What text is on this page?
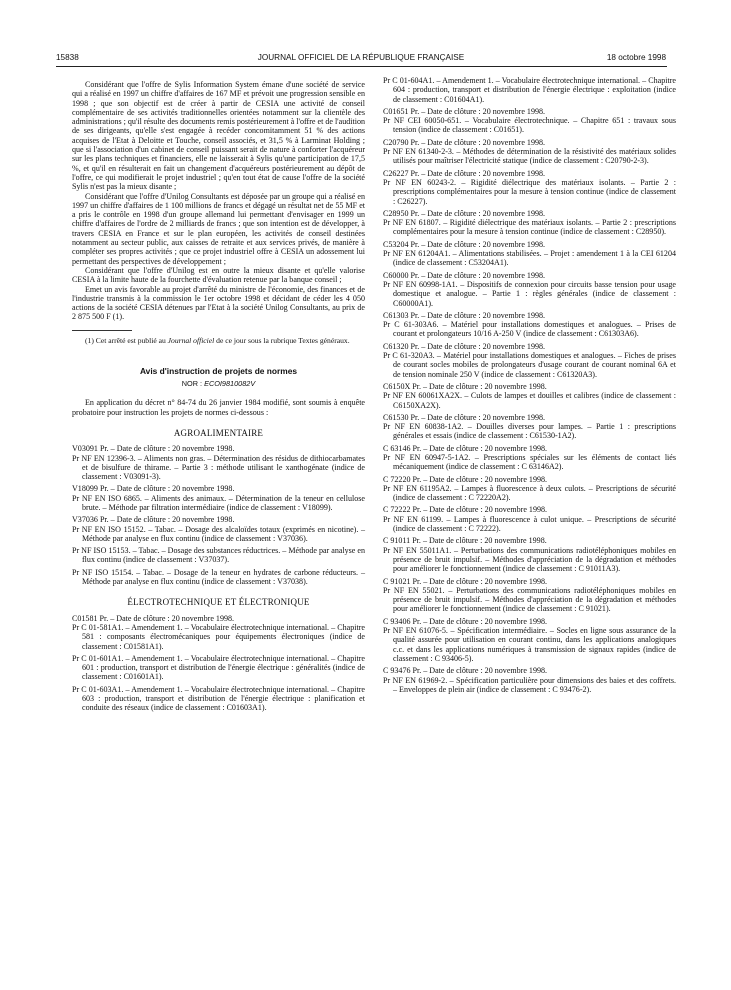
15838	JOURNAL OFFICIEL DE LA RÉPUBLIQUE FRANÇAISE	18 octobre 1998

Considérant que l'offre de Sylis Information System émane d'une société de service qui a réalisé en 1997 un chiffre d'affaires de 167 MF et prévoit une progression sensible en 1998 ; que son objectif est de créer à partir de CESIA une activité de conseil complémentaire de ses activités traditionnelles orientées notamment sur la clientèle des administrations ; qu'il résulte des documents remis postérieurement à l'offre et de l'audition de ses dirigeants, qu'elle s'est engagée à recéder concomitamment 51 % des actions acquises de l'Etat à Deloitte et Touche, conseil associés, et 31,5 % à Larminat Holding ; que si l'association d'un cabinet de conseil puissant serait de nature à conforter l'acquéreur sur les plans techniques et financiers, elle ne laisserait à Sylis qu'une participation de 17,5 %, et qu'il en résulterait en fait un changement d'acquéreurs postérieurement au dépôt de l'offre, ce qui modifierait le projet industriel ; qu'en tout état de cause l'offre de la société Sylis n'est pas la mieux disante ;

Considérant que l'offre d'Unilog Consultants est déposée par un groupe qui a réalisé en 1997 un chiffre d'affaires de 1 100 millions de francs et dégagé un résultat net de 55 MF et a pris le contrôle en 1998 d'un groupe allemand lui permettant d'envisager en 1999 un chiffre d'affaires de l'ordre de 2 milliards de francs ; que son intention est de développer, à travers CESIA en France et sur le plan européen, les activités de conseil destinées notamment au secteur public, aux caisses de retraite et aux services privés, de manière à compléter ses propres activités ; que ce projet industriel offre à CESIA un adossement lui permettant des perspectives de développement ;

Considérant que l'offre d'Unilog est en outre la mieux disante et qu'elle valorise CESIA à la limite haute de la fourchette d'évaluation retenue par la banque conseil ;

Emet un avis favorable au projet d'arrêté du ministre de l'économie, des finances et de l'industrie transmis à la commission le 1er octobre 1998 et décidant de céder les 4 050 actions de la société CESIA détenues par l'Etat à la société Unilog Consultants, au prix de 2 875 500 F (1).

(1) Cet arrêté est publié au Journal officiel de ce jour sous la rubrique Textes généraux.

Avis d'instruction de projets de normes
NOR : ECOI9810082V

En application du décret n° 84-74 du 26 janvier 1984 modifié, sont soumis à enquête probatoire pour instruction les projets de normes ci-dessous :

AGROALIMENTAIRE
V03091 Pr. – Date de clôture : 20 novembre 1998.
Pr NF EN 12396-3. – Aliments non gras. – Détermination des résidus de dithiocarbamates et de bisulfure de thirame. – Partie 3 : méthode utilisant le xanthogénate (indice de classement : V03091-3).
V18099 Pr. – Date de clôture : 20 novembre 1998.
Pr NF EN ISO 6865. – Aliments des animaux. – Détermination de la teneur en cellulose brute. – Méthode par filtration intermédiaire (indice de classement : V18099).
V37036 Pr. – Date de clôture : 20 novembre 1998.
Pr NF EN ISO 15152. – Tabac. – Dosage des alcaloïdes totaux (exprimés en nicotine). – Méthode par analyse en flux continu (indice de classement : V37036).
Pr NF ISO 15153. – Tabac. – Dosage des substances réductrices. – Méthode par analyse en flux continu (indice de classement : V37037).
Pr NF ISO 15154. – Tabac. – Dosage de la teneur en hydrates de carbone réducteurs. – Méthode par analyse en flux continu (indice de classement : V37038).
ÉLECTROTECHNIQUE ET ÉLECTRONIQUE
C01581 Pr. – Date de clôture : 20 novembre 1998.
Pr C 01-581A1. – Amendement 1. – Vocabulaire électrotechnique international. – Chapitre 581 : composants électromécaniques pour équipements électroniques (indice de classement : C01581A1).
Pr C 01-601A1. – Amendement 1. – Vocabulaire électrotechnique international. – Chapitre 601 : production, transport et distribution de l'énergie électrique : généralités (indice de classement : C01601A1).
Pr C 01-603A1. – Amendement 1. – Vocabulaire électrotechnique international. – Chapitre 603 : production, transport et distribution de l'énergie électrique : planification et conduite des réseaux (indice de classement : C01603A1).
Pr C 01-604A1. – Amendement 1. – Vocabulaire électrotechnique international. – Chapitre 604 : production, transport et distribution de l'énergie électrique : exploitation (indice de classement : C01604A1).
C01651 Pr. – Date de clôture : 20 novembre 1998.
Pr NF CEI 60050-651. – Vocabulaire électrotechnique. – Chapitre 651 : travaux sous tension (indice de classement : C01651).
C20790 Pr. – Date de clôture : 20 novembre 1998.
Pr NF EN 61340-2-3. – Méthodes de détermination de la résistivité des matériaux solides utilisés pour maîtriser l'électricité statique (indice de classement : C20790-2-3).
C26227 Pr. – Date de clôture : 20 novembre 1998.
Pr NF EN 60243-2. – Rigidité diélectrique des matériaux isolants. – Partie 2 : prescriptions complémentaires pour la mesure à tension continue (indice de classement : C26227).
C28950 Pr. – Date de clôture : 20 novembre 1998.
Pr NF EN 61807. – Rigidité diélectrique des matériaux isolants. – Partie 2 : prescriptions complémentaires pour la mesure à tension continue (indice de classement : C28950).
C53204 Pr. – Date de clôture : 20 novembre 1998.
Pr NF EN 61204A1. – Alimentations stabilisées. – Projet : amendement 1 à la CEI 61204 (indice de classement : C53204A1).
C60000 Pr. – Date de clôture : 20 novembre 1998.
Pr NF EN 60998-1A1. – Dispositifs de connexion pour circuits basse tension pour usage domestique et analogue. – Partie 1 : règles générales (indice de classement : C60000A1).
C61303 Pr. – Date de clôture : 20 novembre 1998.
Pr C 61-303A6. – Matériel pour installations domestiques et analogues. – Prises de courant et prolongateurs 10/16 A-250 V (indice de classement : C61303A6).
C61320 Pr. – Date de clôture : 20 novembre 1998.
Pr C 61-320A3. – Matériel pour installations domestiques et analogues. – Fiches de prises de courant socles mobiles de prolongateurs d'usage courant de courant nominal 6A et de tension nominale 250 V (indice de classement : C61320A3).
C6150X Pr. – Date de clôture : 20 novembre 1998.
Pr NF EN 60061XA2X. – Culots de lampes et douilles et calibres (indice de classement : C6150XA2X).
C61530 Pr. – Date de clôture : 20 novembre 1998.
Pr NF EN 60838-1A2. – Douilles diverses pour lampes. – Partie 1 : prescriptions générales et essais (indice de classement : C61530-1A2).
C 63146 Pr. – Date de clôture : 20 novembre 1998.
Pr NF EN 60947-5-1A2. – Prescriptions spéciales sur les éléments de contact liés mécaniquement (indice de classement : C 63146A2).
C 72220 Pr. – Date de clôture : 20 novembre 1998.
Pr NF EN 61195A2. – Lampes à fluorescence à deux culots. – Prescriptions de sécurité (indice de classement : C 72220A2).
C 72222 Pr. – Date de clôture : 20 novembre 1998.
Pr NF EN 61199. – Lampes à fluorescence à culot unique. – Prescriptions de sécurité (indice de classement : C 72222).
C 91011 Pr. – Date de clôture : 20 novembre 1998.
Pr NF EN 55011A1. – Perturbations des communications radiotéléphoniques mobiles en présence de bruit impulsif. – Méthodes d'appréciation de la dégradation et méthodes pour améliorer le fonctionnement (indice de classement : C 91011A3).
C 91021 Pr. – Date de clôture : 20 novembre 1998.
Pr NF EN 55021. – Perturbations des communications radiotéléphoniques mobiles en présence de bruit impulsif. – Méthodes d'appréciation de la dégradation et méthodes pour améliorer le fonctionnement (indice de classement : C 91021).
C 93406 Pr. – Date de clôture : 20 novembre 1998.
Pr NF EN 61076-5. – Spécification intermédiaire. – Socles en ligne sous assurance de la qualité assurée pour utilisation en courant continu, dans les applications analogiques c.c. et dans les applications numériques à transmission de signaux rapides (indice de classement : C 93406-5).
C 93476 Pr. – Date de clôture : 20 novembre 1998.
Pr NF EN 61969-2. – Spécification particulière pour dimensions des baies et des coffrets. – Enveloppes de plein air (indice de classement : C 93476-2).
